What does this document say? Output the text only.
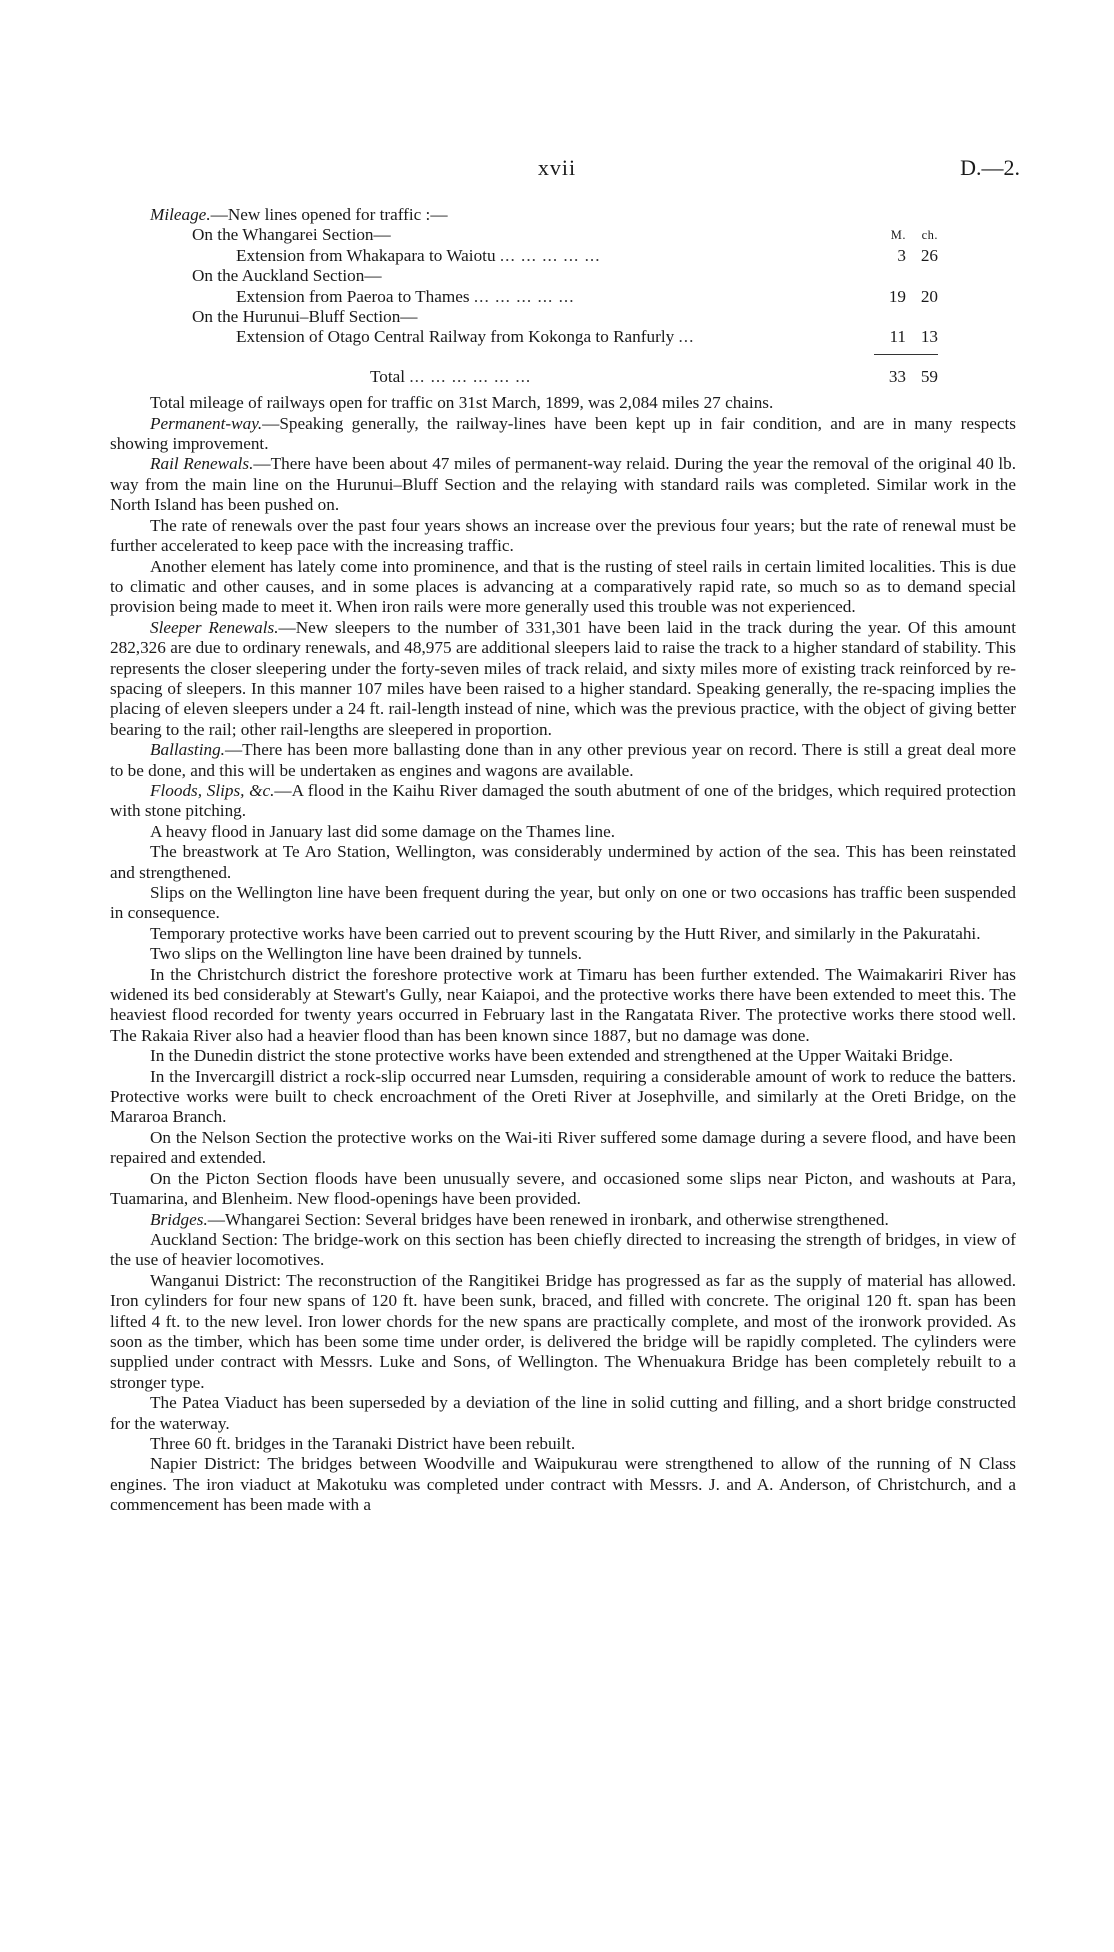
xvii	D.—2.
Mileage.—New lines opened for traffic :—		
On the Whangarei Section—	M.	ch.
Extension from Whakapara to Waiotu ... ... ... ... ...		3	26
On the Auckland Section—		
Extension from Paeroa to Thames ... ... ... ... ...		19	20
On the Hurunui–Bluff Section—		
Extension of Otago Central Railway from Kokonga to Ranfurly ...		11	13

Total ... ... ... ... ... ...		33	59

Total mileage of railways open for traffic on 31st March, 1899, was 2,084 miles 27 chains.

Permanent-way.—Speaking generally, the railway-lines have been kept up in fair condition, and are in many respects showing improvement.

Rail Renewals.—There have been about 47 miles of permanent-way relaid. During the year the removal of the original 40 lb. way from the main line on the Hurunui–Bluff Section and the relaying with standard rails was completed. Similar work in the North Island has been pushed on.

The rate of renewals over the past four years shows an increase over the previous four years; but the rate of renewal must be further accelerated to keep pace with the increasing traffic.

Another element has lately come into prominence, and that is the rusting of steel rails in certain limited localities. This is due to climatic and other causes, and in some places is advancing at a comparatively rapid rate, so much so as to demand special provision being made to meet it. When iron rails were more generally used this trouble was not experienced.

Sleeper Renewals.—New sleepers to the number of 331,301 have been laid in the track during the year. Of this amount 282,326 are due to ordinary renewals, and 48,975 are additional sleepers laid to raise the track to a higher standard of stability. This represents the closer sleepering under the forty-seven miles of track relaid, and sixty miles more of existing track reinforced by re-spacing of sleepers. In this manner 107 miles have been raised to a higher standard. Speaking generally, the re-spacing implies the placing of eleven sleepers under a 24 ft. rail-length instead of nine, which was the previous practice, with the object of giving better bearing to the rail; other rail-lengths are sleepered in proportion.

Ballasting.—There has been more ballasting done than in any other previous year on record. There is still a great deal more to be done, and this will be undertaken as engines and wagons are available.

Floods, Slips, &c.—A flood in the Kaihu River damaged the south abutment of one of the bridges, which required protection with stone pitching.

A heavy flood in January last did some damage on the Thames line.

The breastwork at Te Aro Station, Wellington, was considerably undermined by action of the sea. This has been reinstated and strengthened.

Slips on the Wellington line have been frequent during the year, but only on one or two occasions has traffic been suspended in consequence.

Temporary protective works have been carried out to prevent scouring by the Hutt River, and similarly in the Pakuratahi.

Two slips on the Wellington line have been drained by tunnels.

In the Christchurch district the foreshore protective work at Timaru has been further extended. The Waimakariri River has widened its bed considerably at Stewart's Gully, near Kaiapoi, and the protective works there have been extended to meet this. The heaviest flood recorded for twenty years occurred in February last in the Rangatata River. The protective works there stood well. The Rakaia River also had a heavier flood than has been known since 1887, but no damage was done.

In the Dunedin district the stone protective works have been extended and strengthened at the Upper Waitaki Bridge.

In the Invercargill district a rock-slip occurred near Lumsden, requiring a considerable amount of work to reduce the batters. Protective works were built to check encroachment of the Oreti River at Josephville, and similarly at the Oreti Bridge, on the Mararoa Branch.

On the Nelson Section the protective works on the Wai-iti River suffered some damage during a severe flood, and have been repaired and extended.

On the Picton Section floods have been unusually severe, and occasioned some slips near Picton, and washouts at Para, Tuamarina, and Blenheim. New flood-openings have been provided.

Bridges.—Whangarei Section: Several bridges have been renewed in ironbark, and otherwise strengthened.

Auckland Section: The bridge-work on this section has been chiefly directed to increasing the strength of bridges, in view of the use of heavier locomotives.

Wanganui District: The reconstruction of the Rangitikei Bridge has progressed as far as the supply of material has allowed. Iron cylinders for four new spans of 120 ft. have been sunk, braced, and filled with concrete. The original 120 ft. span has been lifted 4 ft. to the new level. Iron lower chords for the new spans are practically complete, and most of the ironwork provided. As soon as the timber, which has been some time under order, is delivered the bridge will be rapidly completed. The cylinders were supplied under contract with Messrs. Luke and Sons, of Wellington. The Whenuakura Bridge has been completely rebuilt to a stronger type.

The Patea Viaduct has been superseded by a deviation of the line in solid cutting and filling, and a short bridge constructed for the waterway.

Three 60 ft. bridges in the Taranaki District have been rebuilt.

Napier District: The bridges between Woodville and Waipukurau were strengthened to allow of the running of N Class engines. The iron viaduct at Makotuku was completed under contract with Messrs. J. and A. Anderson, of Christchurch, and a commencement has been made with a
